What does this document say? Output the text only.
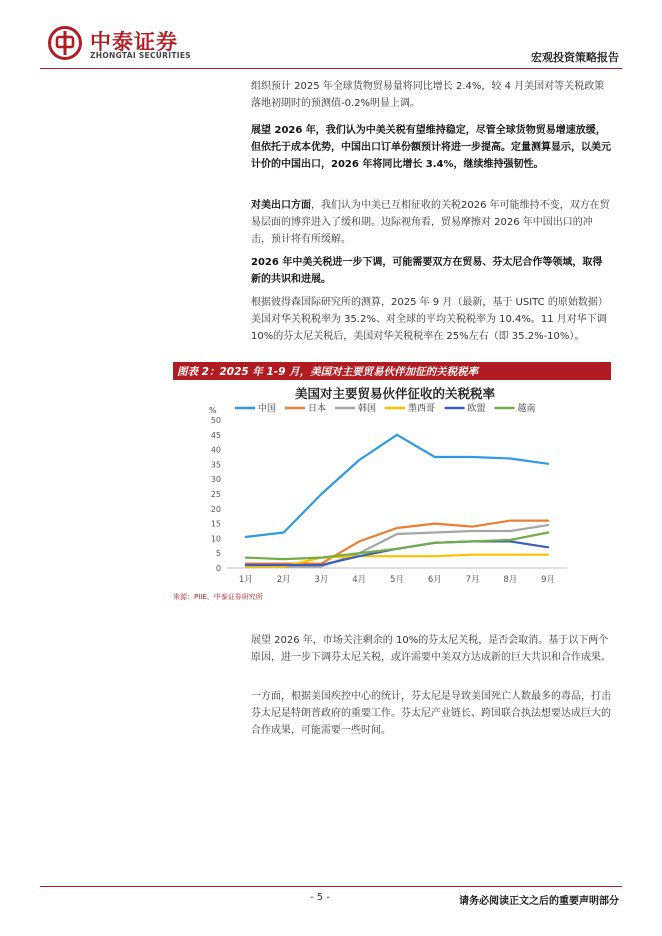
中泰证券
ZHONGTAI SECURITIES	宏观投资策略报告

组织预计 2025 年全球货物贸易量将同比增长 2.4%，较 4 月美国对等关税政策落地初期时的预测值-0.2%明显上调。

展望 2026 年，我们认为中美关税有望维持稳定，尽管全球货物贸易增速放缓，但依托于成本优势，中国出口订单份额预计将进一步提高。定量测算显示，以美元计价的中国出口，2026 年将同比增长 3.4%，继续维持强韧性。

对美出口方面，我们认为中美已互相征收的关税2026 年可能维持不变，双方在贸易层面的博弈进入了缓和期。边际视角看，贸易摩擦对 2026 年中国出口的冲击，预计将有所缓解。

2026 年中美关税进一步下调，可能需要双方在贸易、芬太尼合作等领域，取得新的共识和进展。

根据彼得森国际研究所的测算，2025 年 9 月（最新，基于 USITC 的原始数据）美国对华关税税率为 35.2%、对全球的平均关税税率为 10.4%。11 月对华下调 10%的芬太尼关税后，美国对华关税税率在 25%左右（即 35.2%-10%）。

图表 2：2025 年 1-9 月，美国对主要贸易伙伴加征的关税税率
美国对主要贸易伙伴征收的关税税率
%	中国	日本	韩国	墨西哥	欧盟	越南
0
5
10
15
20
25
30
35
40
45
50
1月	2月	3月	4月	5月	6月	7月	8月	9月
来源：PIIE、中泰证券研究所

展望 2026 年，市场关注剩余的 10%的芬太尼关税，是否会取消。基于以下两个原因，进一步下调芬太尼关税，或许需要中美双方达成新的巨大共识和合作成果。

一方面，根据美国疾控中心的统计，芬太尼是导致美国死亡人数最多的毒品，打击芬太尼是特朗普政府的重要工作。芬太尼产业链长、跨国联合执法想要达成巨大的合作成果，可能需要一些时间。

- 5 -	请务必阅读正文之后的重要声明部分
